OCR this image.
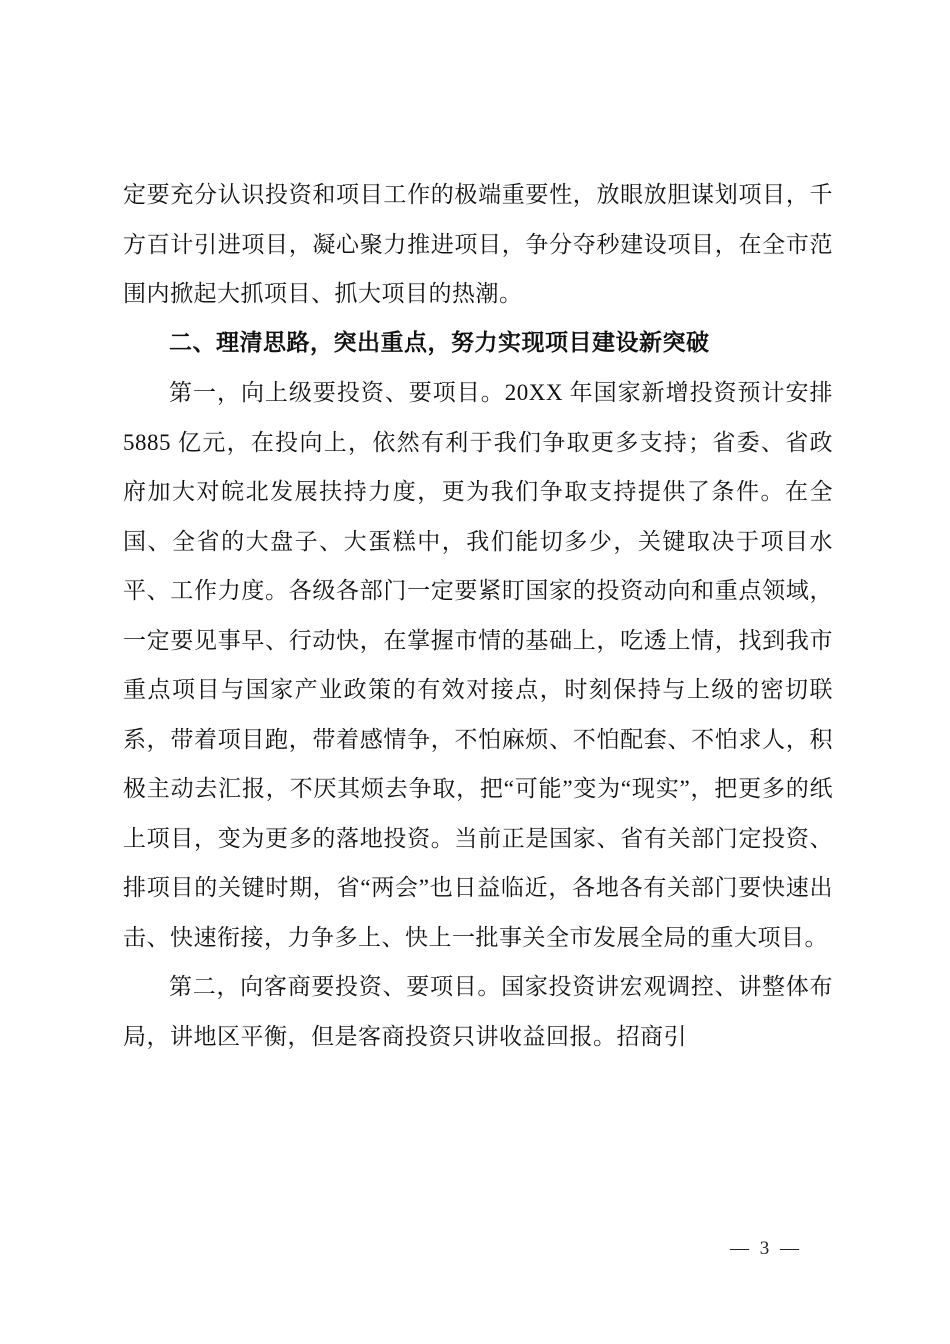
定要充分认识投资和项目工作的极端重要性，放眼放胆谋划项目，千方百计引进项目，凝心聚力推进项目，争分夺秒建设项目，在全市范围内掀起大抓项目、抓大项目的热潮。

二、理清思路，突出重点，努力实现项目建设新突破

第一，向上级要投资、要项目。20XX 年国家新增投资预计安排 5885 亿元，在投向上，依然有利于我们争取更多支持；省委、省政府加大对皖北发展扶持力度，更为我们争取支持提供了条件。在全国、全省的大盘子、大蛋糕中，我们能切多少，关键取决于项目水平、工作力度。各级各部门一定要紧盯国家的投资动向和重点领域，一定要见事早、行动快，在掌握市情的基础上，吃透上情，找到我市重点项目与国家产业政策的有效对接点，时刻保持与上级的密切联系，带着项目跑，带着感情争，不怕麻烦、不怕配套、不怕求人，积极主动去汇报，不厌其烦去争取，把“可能”变为“现实”，把更多的纸上项目，变为更多的落地投资。当前正是国家、省有关部门定投资、排项目的关键时期，省“两会”也日益临近，各地各有关部门要快速出击、快速衔接，力争多上、快上一批事关全市发展全局的重大项目。

第二，向客商要投资、要项目。国家投资讲宏观调控、讲整体布局，讲地区平衡，但是客商投资只讲收益回报。招商引

— 3 —
